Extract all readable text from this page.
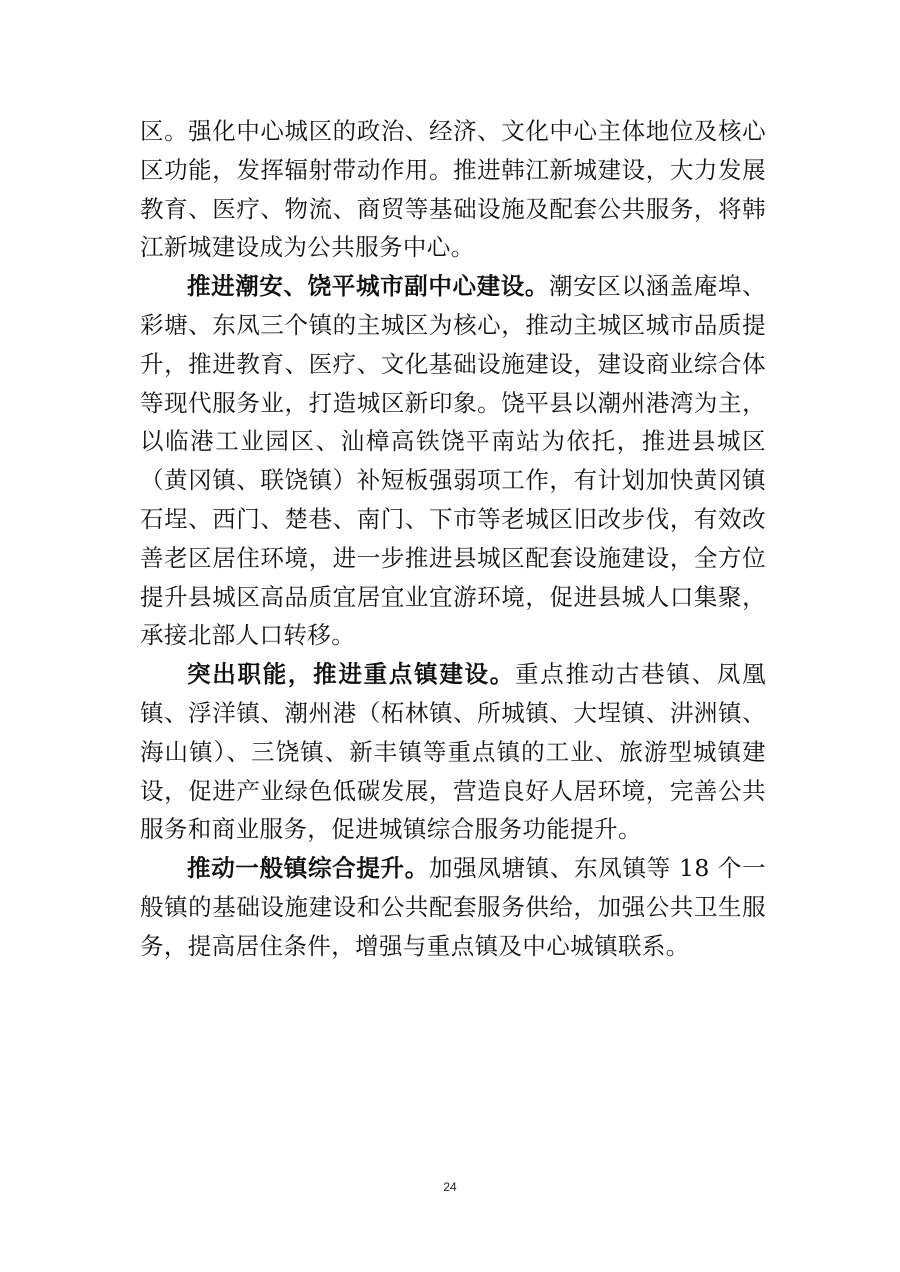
区。强化中心城区的政治、经济、文化中心主体地位及核心区功能，发挥辐射带动作用。推进韩江新城建设，大力发展教育、医疗、物流、商贸等基础设施及配套公共服务，将韩江新城建设成为公共服务中心。

推进潮安、饶平城市副中心建设。潮安区以涵盖庵埠、彩塘、东凤三个镇的主城区为核心，推动主城区城市品质提升，推进教育、医疗、文化基础设施建设，建设商业综合体等现代服务业，打造城区新印象。饶平县以潮州港湾为主，以临港工业园区、汕樟高铁饶平南站为依托，推进县城区（黄冈镇、联饶镇）补短板强弱项工作，有计划加快黄冈镇石埕、西门、楚巷、南门、下市等老城区旧改步伐，有效改善老区居住环境，进一步推进县城区配套设施建设，全方位提升县城区高品质宜居宜业宜游环境，促进县城人口集聚，承接北部人口转移。

突出职能，推进重点镇建设。重点推动古巷镇、凤凰镇、浮洋镇、潮州港（柘林镇、所城镇、大埕镇、汫洲镇、海山镇）、三饶镇、新丰镇等重点镇的工业、旅游型城镇建设，促进产业绿色低碳发展，营造良好人居环境，完善公共服务和商业服务，促进城镇综合服务功能提升。

推动一般镇综合提升。加强凤塘镇、东凤镇等 18 个一般镇的基础设施建设和公共配套服务供给，加强公共卫生服务，提高居住条件，增强与重点镇及中心城镇联系。

24
